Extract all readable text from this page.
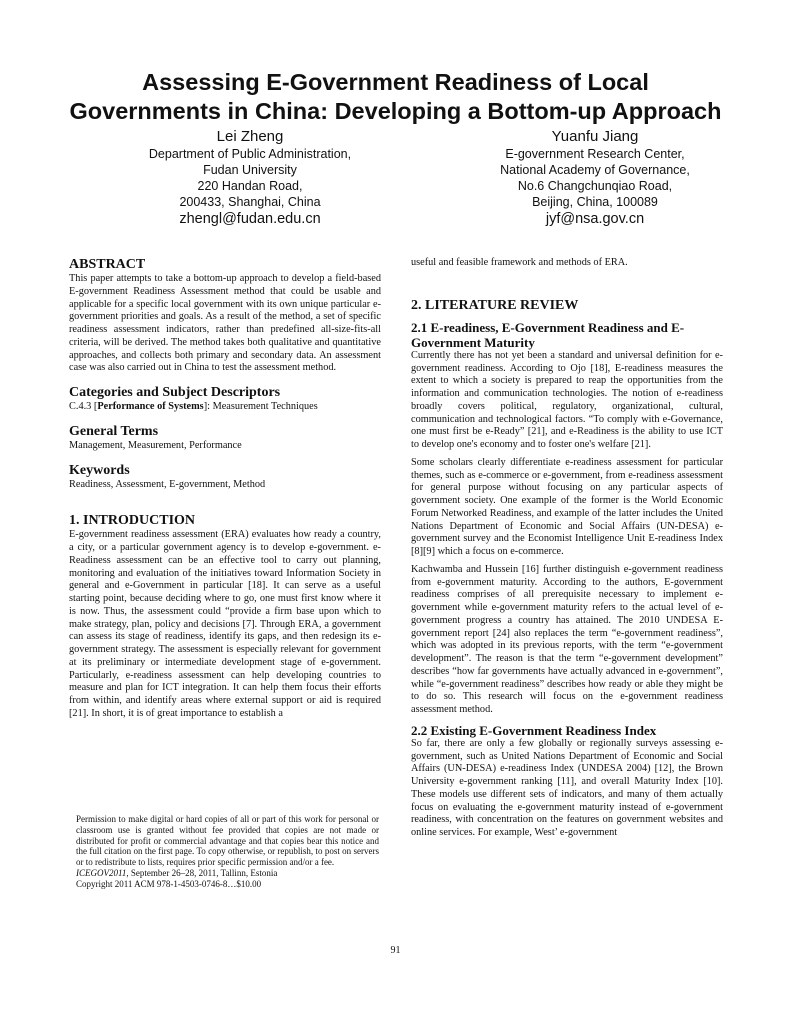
Assessing E-Government Readiness of Local
Governments in China: Developing a Bottom-up Approach
Lei Zheng
Department of Public Administration,
Fudan University
220 Handan Road,
200433, Shanghai, China
zhengl@fudan.edu.cn
Yuanfu Jiang
E-government Research Center,
National Academy of Governance,
No.6 Changchunqiao Road,
Beijing, China, 100089
jyf@nsa.gov.cn
ABSTRACT

This paper attempts to take a bottom-up approach to develop a field-based E-government Readiness Assessment method that could be usable and applicable for a specific local government with its own unique particular e-government priorities and goals. As a result of the method, a set of specific readiness assessment indicators, rather than predefined all-size-fits-all criteria, will be derived. The method takes both qualitative and quantitative approaches, and collects both primary and secondary data. An assessment case was also carried out in China to test the assessment method.

Categories and Subject Descriptors

C.4.3 [Performance of Systems]: Measurement Techniques

General Terms

Management, Measurement, Performance

Keywords

Readiness, Assessment, E-government, Method

1. INTRODUCTION

E-government readiness assessment (ERA) evaluates how ready a country, a city, or a particular government agency is to develop e-government. e-Readiness assessment can be an effective tool to carry out planning, monitoring and evaluation of the initiatives toward Information Society in general and e-Government in particular [18]. It can serve as a useful starting point, because deciding where to go, one must first know where it is now. Thus, the assessment could “provide a firm base upon which to make strategy, plan, policy and decisions [7]. Through ERA, a government can assess its stage of readiness, identify its gaps, and then redesign its e-government strategy. The assessment is especially relevant for government at its preliminary or intermediate development stage of e-government. Particularly, e-readiness assessment can help developing countries to measure and plan for ICT integration. It can help them focus their efforts from within, and identify areas where external support or aid is required [21]. In short, it is of great importance to establish a

Permission to make digital or hard copies of all or part of this work for personal or classroom use is granted without fee provided that copies are not made or distributed for profit or commercial advantage and that copies bear this notice and the full citation on the first page. To copy otherwise, or republish, to post on servers or to redistribute to lists, requires prior specific permission and/or a fee.

ICEGOV2011, September 26–28, 2011, Tallinn, Estonia

Copyright 2011 ACM 978-1-4503-0746-8…$10.00

useful and feasible framework and methods of ERA.

2. LITERATURE REVIEW
2.1 E-readiness, E-Government Readiness and E-Government Maturity

Currently there has not yet been a standard and universal definition for e-government readiness. According to Ojo [18], E-readiness measures the extent to which a society is prepared to reap the opportunities from the information and communication technologies. The notion of e-readiness broadly covers political, regulatory, organizational, cultural, communication and technological factors. “To comply with e-Governance, one must first be e-Ready” [21], and e-Readiness is the ability to use ICT to develop one's economy and to foster one's welfare [21].

Some scholars clearly differentiate e-readiness assessment for particular themes, such as e-commerce or e-government, from e-readiness assessment for general purpose without focusing on any particular aspects of government society. One example of the former is the World Economic Forum Networked Readiness, and example of the latter includes the United Nations Department of Economic and Social Affairs (UN-DESA) e-government survey and the Economist Intelligence Unit E-readiness Index [8][9] which a focus on e-commerce.

Kachwamba and Hussein [16] further distinguish e-government readiness from e-government maturity. According to the authors, E-government readiness comprises of all prerequisite necessary to implement e-government while e-government maturity refers to the actual level of e-government progress a country has attained. The 2010 UNDESA E-government report [24] also replaces the term “e-government readiness”, which was adopted in its previous reports, with the term “e-government development”. The reason is that the term “e-government development” describes “how far governments have actually advanced in e-government”, while “e-government readiness” describes how ready or able they might be to do so. This research will focus on the e-government readiness assessment method.

2.2 Existing E-Government Readiness Index

So far, there are only a few globally or regionally surveys assessing e-government, such as United Nations Department of Economic and Social Affairs (UN-DESA) e-readiness Index (UNDESA 2004) [12], the Brown University e-government ranking [11], and overall Maturity Index [10]. These models use different sets of indicators, and many of them actually focus on evaluating the e-government maturity instead of e-government readiness, with concentration on the features on government websites and online services. For example, West’ e-government

91
